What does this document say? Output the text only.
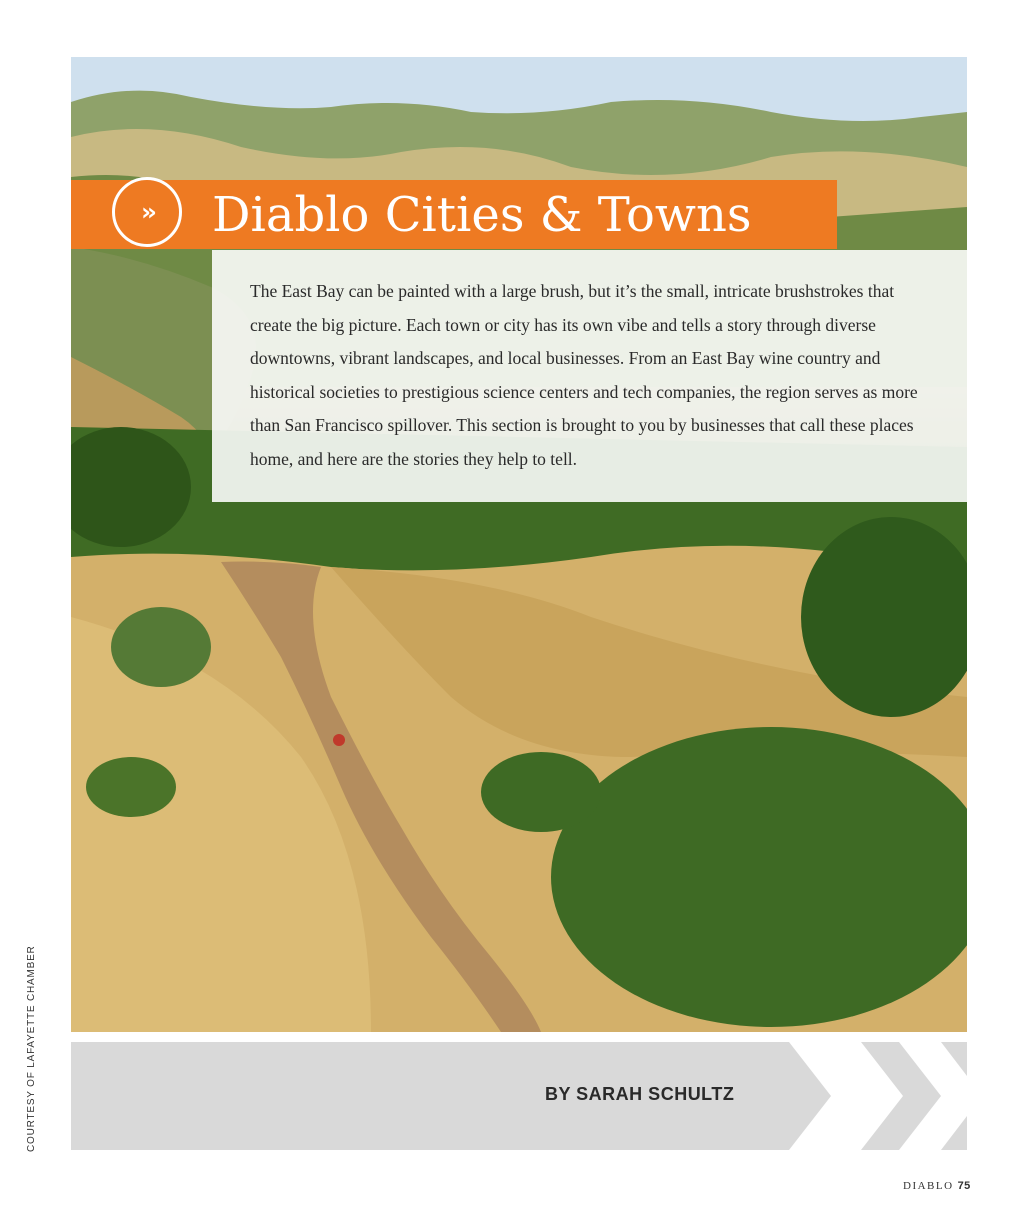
›› Diablo Cities & Towns
The East Bay can be painted with a large brush, but it’s the small, intricate brushstrokes that create the big picture. Each town or city has its own vibe and tells a story through diverse downtowns, vibrant landscapes, and local businesses. From an East Bay wine country and historical societies to prestigious science centers and tech companies, the region serves as more than San Francisco spillover. This section is brought to you by businesses that call these places home, and here are the stories they help to tell.
BY SARAH SCHULTZ
COURTESY OF LAFAYETTE CHAMBER
DIABLO 75
